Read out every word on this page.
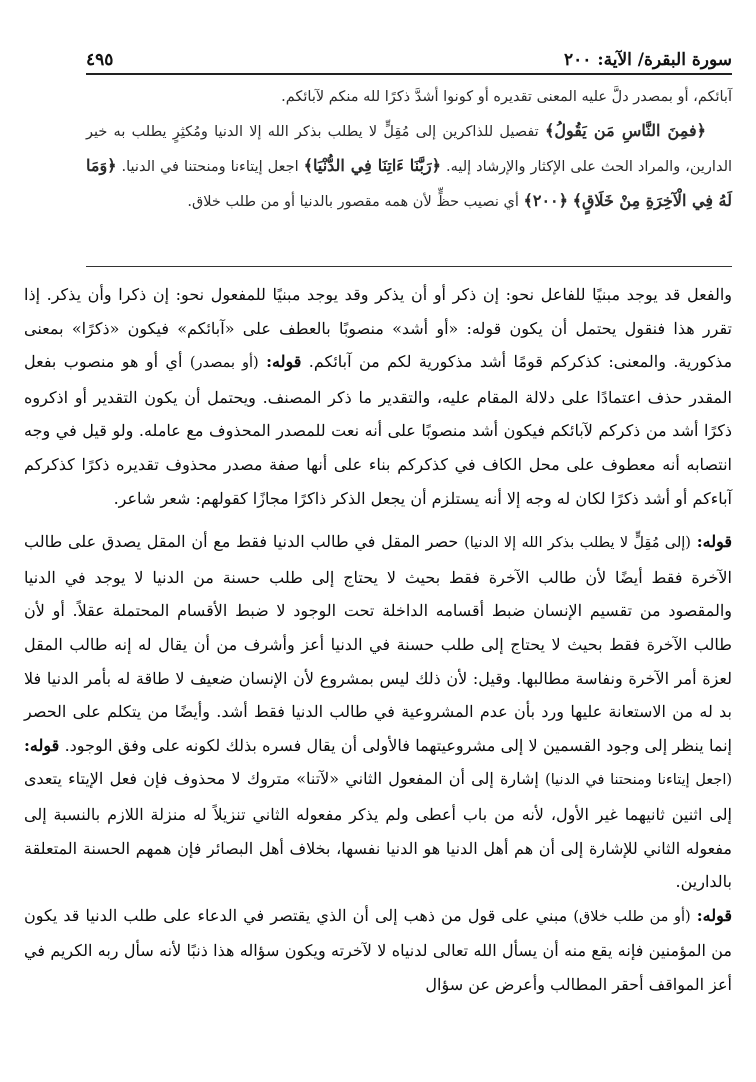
سورة البقرة/ الآية: ٢٠٠
٤٩٥

آبائكم، أو بمصدر دلَّ عليه المعنى تقديره أو كونوا أشدَّ ذكرًا لله منكم لآبائكم.

﴿فمِنَ النَّاسِ مَن يَقُولُ﴾ تفصيل للذاكرين إلى مُقِلٍّ لا يطلب بذكر الله إلا الدنيا ومُكثِرٍ يطلب به خير الدارين، والمراد الحث على الإكثار والإرشاد إليه. ﴿رَبَّنَا ءَاتِنَا فِي الدُّنْيَا﴾ اجعل إيتاءنا ومنحتنا في الدنيا. ﴿وَمَا لَهُ فِي الْآخِرَةِ مِنْ خَلَاقٍ﴾ ﴿٢٠٠﴾ أي نصيب حظٍّ لأن همه مقصور بالدنيا أو من طلب خلاق.

والفعل قد يوجد مبنيًا للفاعل نحو: إن ذكر أو أن يذكر وقد يوجد مبنيًا للمفعول نحو: إن ذكرا وأن يذكر. إذا تقرر هذا فنقول يحتمل أن يكون قوله: «أو أشد» منصوبًا بالعطف على «آبائكم» فيكون «ذكرًا» بمعنى مذكورية. والمعنى: كذكركم قومًا أشد مذكورية لكم من آبائكم. قوله: (أو بمصدر) أي أو هو منصوب بفعل المقدر حذف اعتمادًا على دلالة المقام عليه، والتقدير ما ذكر المصنف. ويحتمل أن يكون التقدير أو اذكروه ذكرًا أشد من ذكركم لآبائكم فيكون أشد منصوبًا على أنه نعت للمصدر المحذوف مع عامله. ولو قيل في وجه انتصابه أنه معطوف على محل الكاف في كذكركم بناء على أنها صفة مصدر محذوف تقديره ذكرًا كذكركم آباءكم أو أشد ذكرًا لكان له وجه إلا أنه يستلزم أن يجعل الذكر ذاكرًا مجازًا كقولهم: شعر شاعر.

قوله: (إلى مُقِلٍّ لا يطلب بذكر الله إلا الدنيا) حصر المقل في طالب الدنيا فقط مع أن المقل يصدق على طالب الآخرة فقط أيضًا لأن طالب الآخرة فقط بحيث لا يحتاج إلى طلب حسنة من الدنيا لا يوجد في الدنيا والمقصود من تقسيم الإنسان ضبط أقسامه الداخلة تحت الوجود لا ضبط الأقسام المحتملة عقلاً. أو لأن طالب الآخرة فقط بحيث لا يحتاج إلى طلب حسنة في الدنيا أعز وأشرف من أن يقال له إنه طالب المقل لعزة أمر الآخرة ونفاسة مطالبها. وقيل: لأن ذلك ليس بمشروع لأن الإنسان ضعيف لا طاقة له بأمر الدنيا فلا بد له من الاستعانة عليها ورد بأن عدم المشروعية في طالب الدنيا فقط أشد. وأيضًا من يتكلم على الحصر إنما ينظر إلى وجود القسمين لا إلى مشروعيتهما فالأولى أن يقال فسره بذلك لكونه على وفق الوجود. قوله: (اجعل إيتاءنا ومنحتنا في الدنيا) إشارة إلى أن المفعول الثاني «لآتنا» متروك لا محذوف فإن فعل الإيتاء يتعدى إلى اثنين ثانيهما غير الأول، لأنه من باب أعطى ولم يذكر مفعوله الثاني تنزيلاً له منزلة اللازم بالنسبة إلى مفعوله الثاني للإشارة إلى أن هم أهل الدنيا هو الدنيا نفسها، بخلاف أهل البصائر فإن همهم الحسنة المتعلقة بالدارين.
قوله: (أو من طلب خلاق) مبني على قول من ذهب إلى أن الذي يقتصر في الدعاء على طلب الدنيا قد يكون من المؤمنين فإنه يقع منه أن يسأل الله تعالى لدنياه لا لآخرته ويكون سؤاله هذا ذنبًا لأنه سأل ربه الكريم في أعز المواقف أحقر المطالب وأعرض عن سؤال
